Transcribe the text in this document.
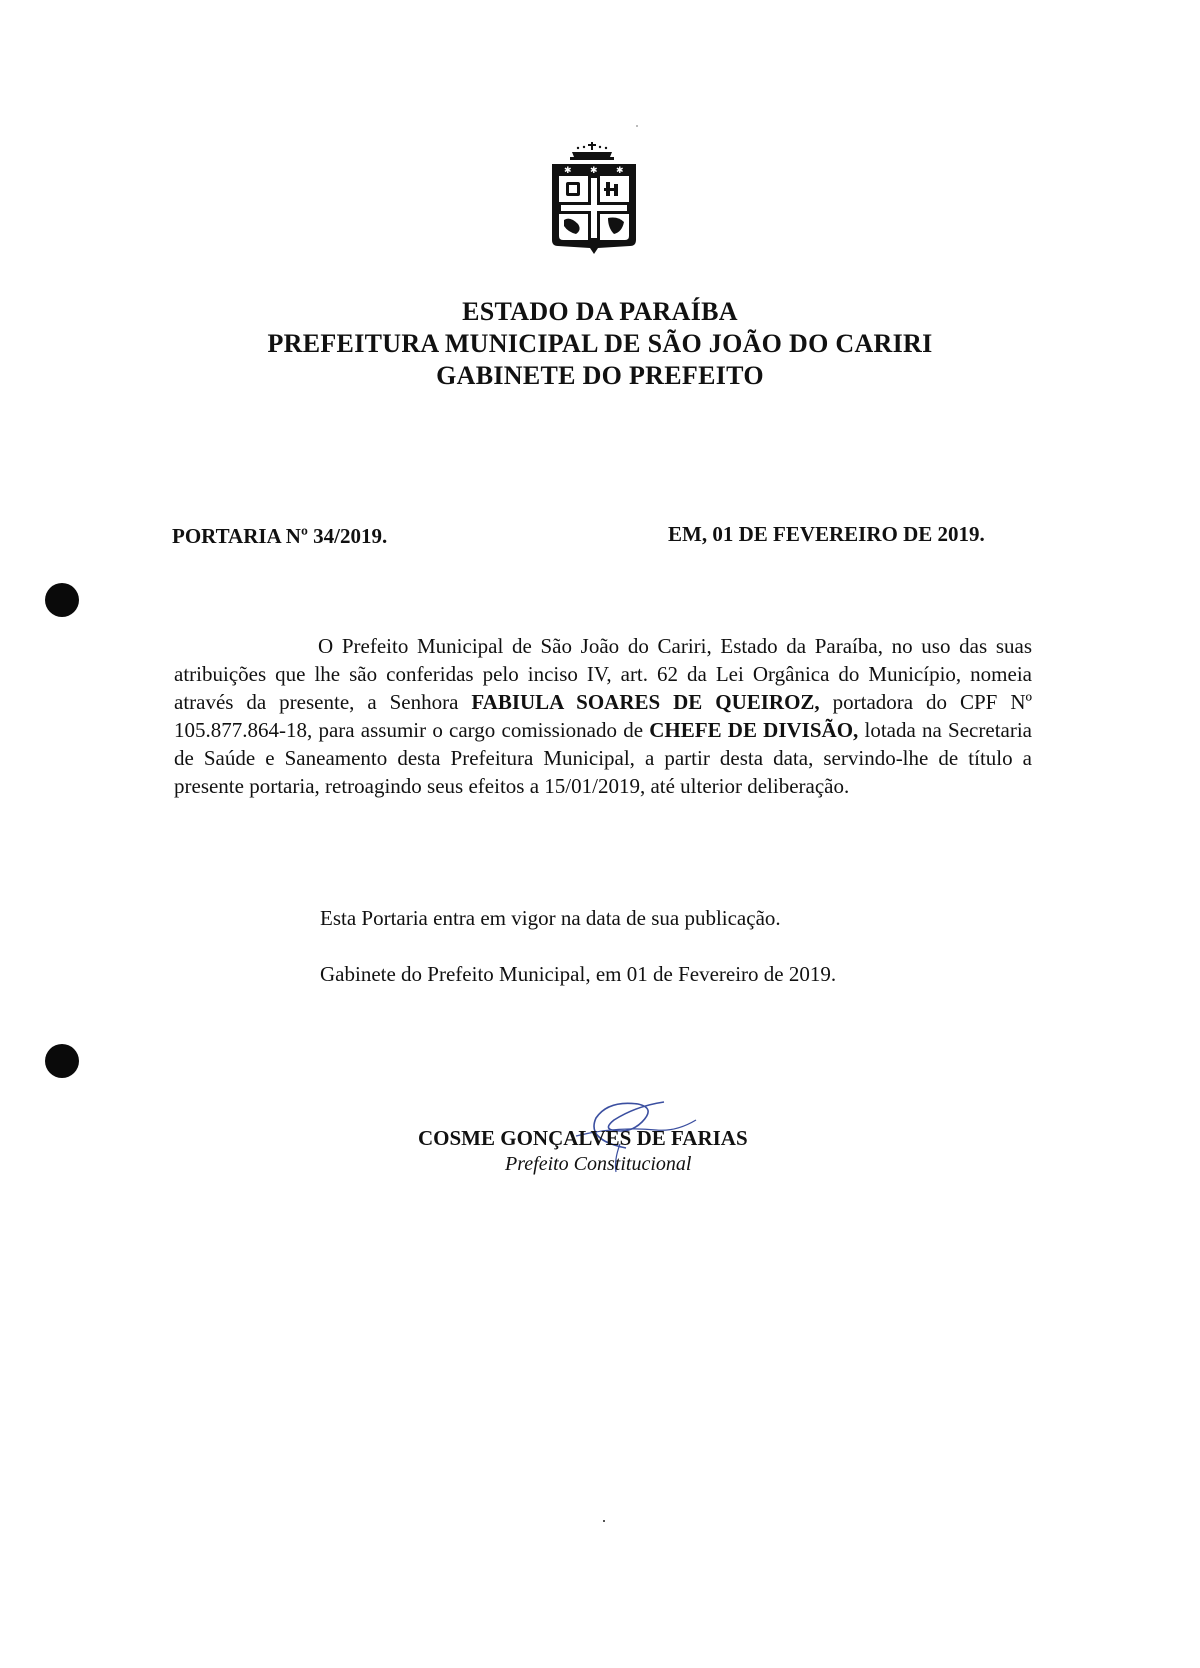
✱ ✱ ✱
ESTADO DA PARAÍBA
PREFEITURA MUNICIPAL DE SÃO JOÃO DO CARIRI
GABINETE DO PREFEITO
PORTARIA Nº 34/2019.	EM, 01 DE FEVEREIRO DE 2019.
O Prefeito Municipal de São João do Cariri, Estado da Paraíba, no uso das suas atribuições que lhe são conferidas pelo inciso IV, art. 62 da Lei Orgânica do Município, nomeia através da presente, a Senhora FABIULA SOARES DE QUEIROZ, portadora do CPF Nº 105.877.864-18, para assumir o cargo comissionado de CHEFE DE DIVISÃO, lotada na Secretaria de Saúde e Saneamento desta Prefeitura Municipal, a partir desta data, servindo-lhe de título a presente portaria, retroagindo seus efeitos a 15/01/2019, até ulterior deliberação.
Esta Portaria entra em vigor na data de sua publicação.
Gabinete do Prefeito Municipal, em 01 de Fevereiro de 2019.
COSME GONÇALVES DE FARIAS
Prefeito Constitucional
